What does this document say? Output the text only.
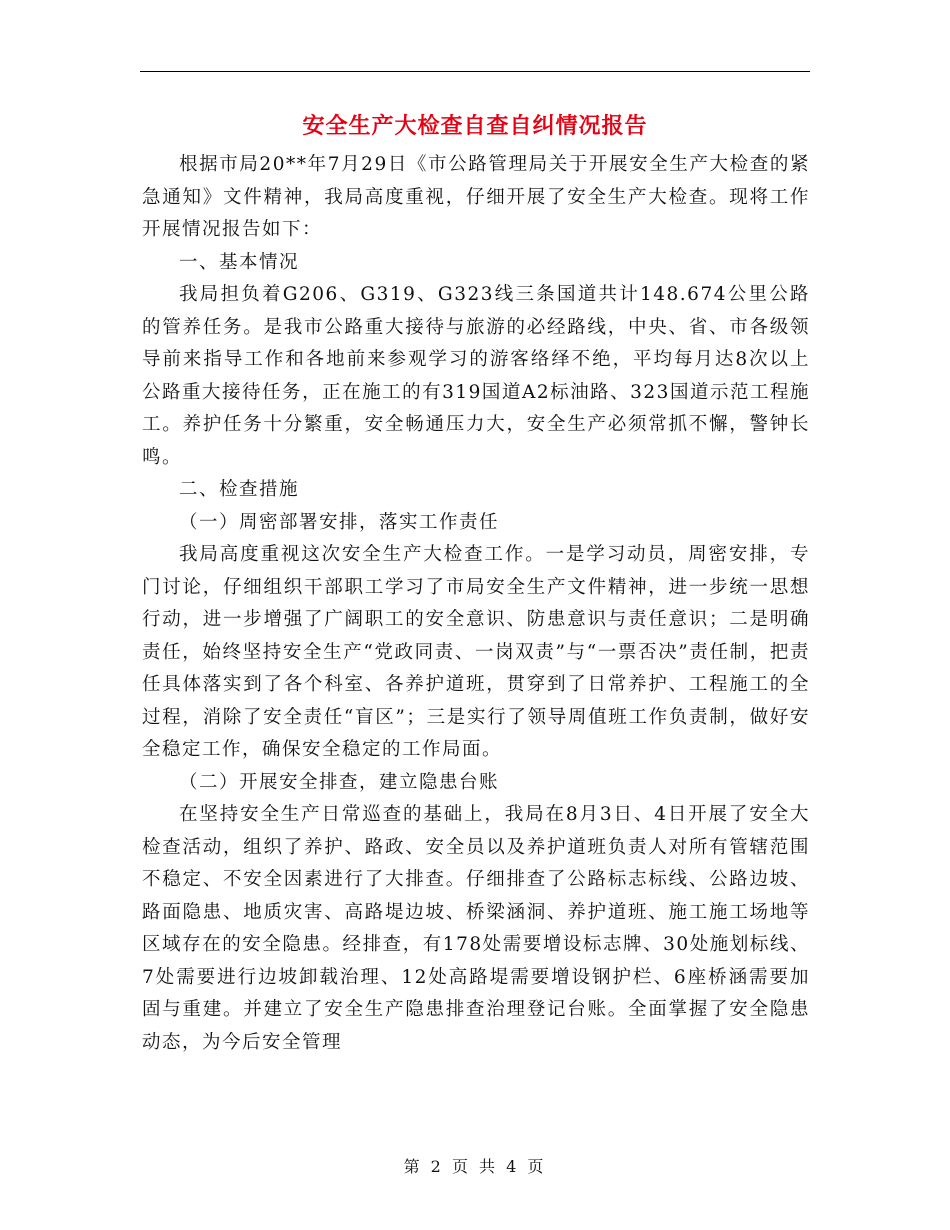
安全生产大检查自查自纠情况报告

根据市局20**年7月29日《市公路管理局关于开展安全生产大检查的紧急通知》文件精神，我局高度重视，仔细开展了安全生产大检查。现将工作开展情况报告如下：

一、基本情况

我局担负着G206、G319、G323线三条国道共计148.674公里公路的管养任务。是我市公路重大接待与旅游的必经路线，中央、省、市各级领导前来指导工作和各地前来参观学习的游客络绎不绝，平均每月达8次以上公路重大接待任务，正在施工的有319国道A2标油路、323国道示范工程施工。养护任务十分繁重，安全畅通压力大，安全生产必须常抓不懈，警钟长鸣。

二、检查措施

（一）周密部署安排，落实工作责任

我局高度重视这次安全生产大检查工作。一是学习动员，周密安排，专门讨论，仔细组织干部职工学习了市局安全生产文件精神，进一步统一思想行动，进一步增强了广阔职工的安全意识、防患意识与责任意识；二是明确责任，始终坚持安全生产“党政同责、一岗双责”与“一票否决”责任制，把责任具体落实到了各个科室、各养护道班，贯穿到了日常养护、工程施工的全过程，消除了安全责任“盲区”；三是实行了领导周值班工作负责制，做好安全稳定工作，确保安全稳定的工作局面。

（二）开展安全排查，建立隐患台账

在坚持安全生产日常巡查的基础上，我局在8月3日、4日开展了安全大检查活动，组织了养护、路政、安全员以及养护道班负责人对所有管辖范围不稳定、不安全因素进行了大排查。仔细排查了公路标志标线、公路边坡、路面隐患、地质灾害、高路堤边坡、桥梁涵洞、养护道班、施工施工场地等区域存在的安全隐患。经排查，有178处需要增设标志牌、30处施划标线、7处需要进行边坡卸载治理、12处高路堤需要增设钢护栏、6座桥涵需要加固与重建。并建立了安全生产隐患排查治理登记台账。全面掌握了安全隐患动态，为今后安全管理

第 2 页 共 4 页
